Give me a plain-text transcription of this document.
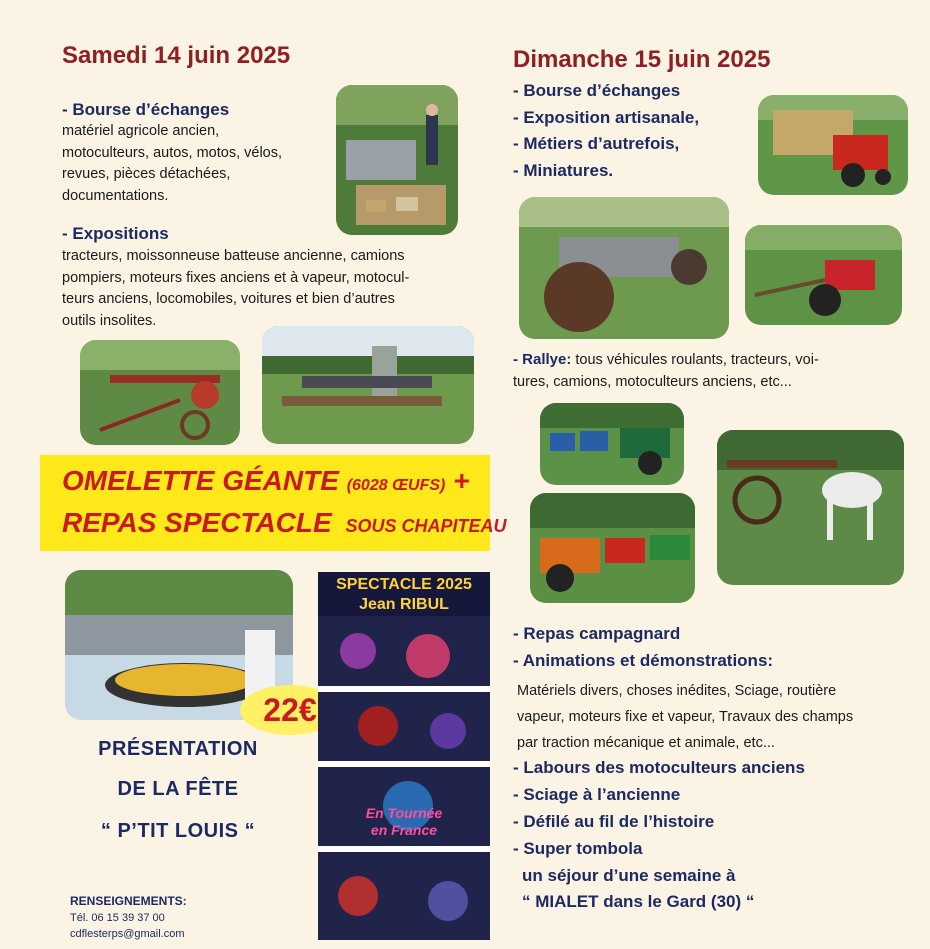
Samedi 14 juin 2025
- Bourse d’échanges
matériel agricole ancien,
motoculteurs, autos, motos, vélos,
revues, pièces détachées,
documentations.
- Expositions
tracteurs, moissonneuse batteuse ancienne, camions
pompiers, moteurs fixes anciens et à vapeur, motocul-
teurs anciens, locomobiles, voitures et bien d’autres
outils insolites.
OMELETTE GÉANTE (6028 ŒUFS) +
REPAS SPECTACLE SOUS CHAPITEAU
22€
PRÉSENTATION
DE LA FÊTE
“ P’TIT LOUIS “
SPECTACLE 2025
Jean RIBUL
En Tournée
en France
RENSEIGNEMENTS:
Tél. 06 15 39 37 00
cdflesterps@gmail.com
Dimanche 15 juin 2025
- Bourse d’échanges
- Exposition artisanale,
- Métiers d’autrefois,
- Miniatures.
- Rallye: tous véhicules roulants, tracteurs, voi-
tures, camions, motoculteurs anciens, etc...
- Repas campagnard
- Animations et démonstrations:
Matériels divers, choses inédites, Sciage, routière
vapeur, moteurs fixe et vapeur, Travaux des champs
par traction mécanique et animale, etc...
- Labours des motoculteurs anciens
- Sciage à l’ancienne
- Défilé au fil de l’histoire
- Super tombola
un séjour d’une semaine à
“ MIALET dans le Gard (30) “
